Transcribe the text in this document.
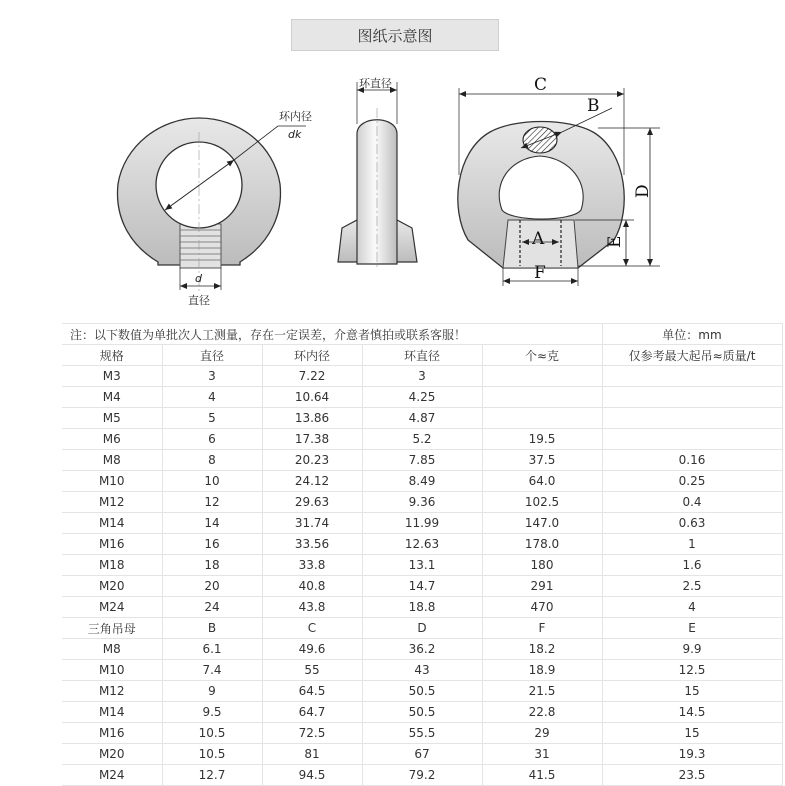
图纸示意图
环内径
dk
d
直径
环直径
A
C
B
D
E
F
注：以下数值为单批次人工测量，存在一定误差，介意者慎拍或联系客服！					单位：mm
规格	直径	环内径	环直径	个≈克	仅参考最大起吊≈质量/t
M3	3	7.22	3		
M4	4	10.64	4.25		
M5	5	13.86	4.87		
M6	6	17.38	5.2	19.5	
M8	8	20.23	7.85	37.5	0.16
M10	10	24.12	8.49	64.0	0.25
M12	12	29.63	9.36	102.5	0.4
M14	14	31.74	11.99	147.0	0.63
M16	16	33.56	12.63	178.0	1
M18	18	33.8	13.1	180	1.6
M20	20	40.8	14.7	291	2.5
M24	24	43.8	18.8	470	4
三角吊母	B	C	D	F	E
M8	6.1	49.6	36.2	18.2	9.9
M10	7.4	55	43	18.9	12.5
M12	9	64.5	50.5	21.5	15
M14	9.5	64.7	50.5	22.8	14.5
M16	10.5	72.5	55.5	29	15
M20	10.5	81	67	31	19.3
M24	12.7	94.5	79.2	41.5	23.5
